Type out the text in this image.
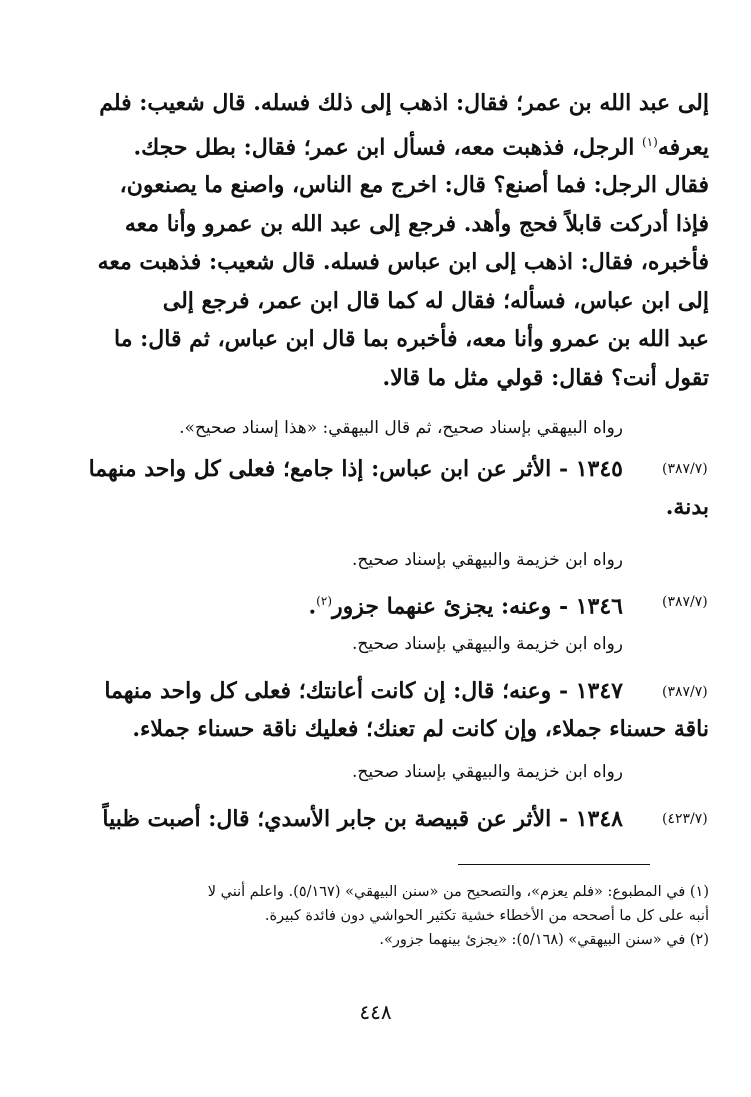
إلى عبد الله بن عمر؛ فقال: اذهب إلى ذلك فسله. قال شعيب: فلم
يعرفه$^{(١)}$ الرجل، فذهبت معه، فسأل ابن عمر؛ فقال: بطل حجك.
فقال الرجل: فما أصنع؟ قال: اخرج مع الناس، واصنع ما يصنعون،
فإذا أدركت قابلاً فحج وأهد. فرجع إلى عبد الله بن عمرو وأنا معه
فأخبره، فقال: اذهب إلى ابن عباس فسله. قال شعيب: فذهبت معه
إلى ابن عباس، فسأله؛ فقال له كما قال ابن عمر، فرجع إلى
عبد الله بن عمرو وأنا معه، فأخبره بما قال ابن عباس، ثم قال: ما
تقول أنت؟ فقال: قولي مثل ما قالا.
رواه البيهقي بإسناد صحيح، ثم قال البيهقي: «هذا إسناد صحيح».
١٣٤٥ - الأثر عن ابن عباس: إذا جامع؛ فعلى كل واحد منهما
بدنة.
(٣٨٧/٧)
رواه ابن خزيمة والبيهقي بإسناد صحيح.
١٣٤٦ - وعنه: يجزئ عنهما جزور$^{(٢)}$.	(٣٨٧/٧)
رواه ابن خزيمة والبيهقي بإسناد صحيح.
١٣٤٧ - وعنه؛ قال: إن كانت أعانتك؛ فعلى كل واحد منهما
ناقة حسناء جملاء، وإن كانت لم تعنك؛ فعليك ناقة حسناء جملاء.
(٣٨٧/٧)
رواه ابن خزيمة والبيهقي بإسناد صحيح.
١٣٤٨ - الأثر عن قبيصة بن جابر الأسدي؛ قال: أصبت ظبياً	(٤٢٣/٧)
(١) في المطبوع: «فلم يعزم»، والتصحيح من «سنن البيهقي» (٥/١٦٧). واعلم أنني لا
أنبه على كل ما أصححه من الأخطاء خشية تكثير الحواشي دون فائدة كبيرة.
(٢) في «سنن البيهقي» (٥/١٦٨): «يجزئ بينهما جزور».
٤٤٨
